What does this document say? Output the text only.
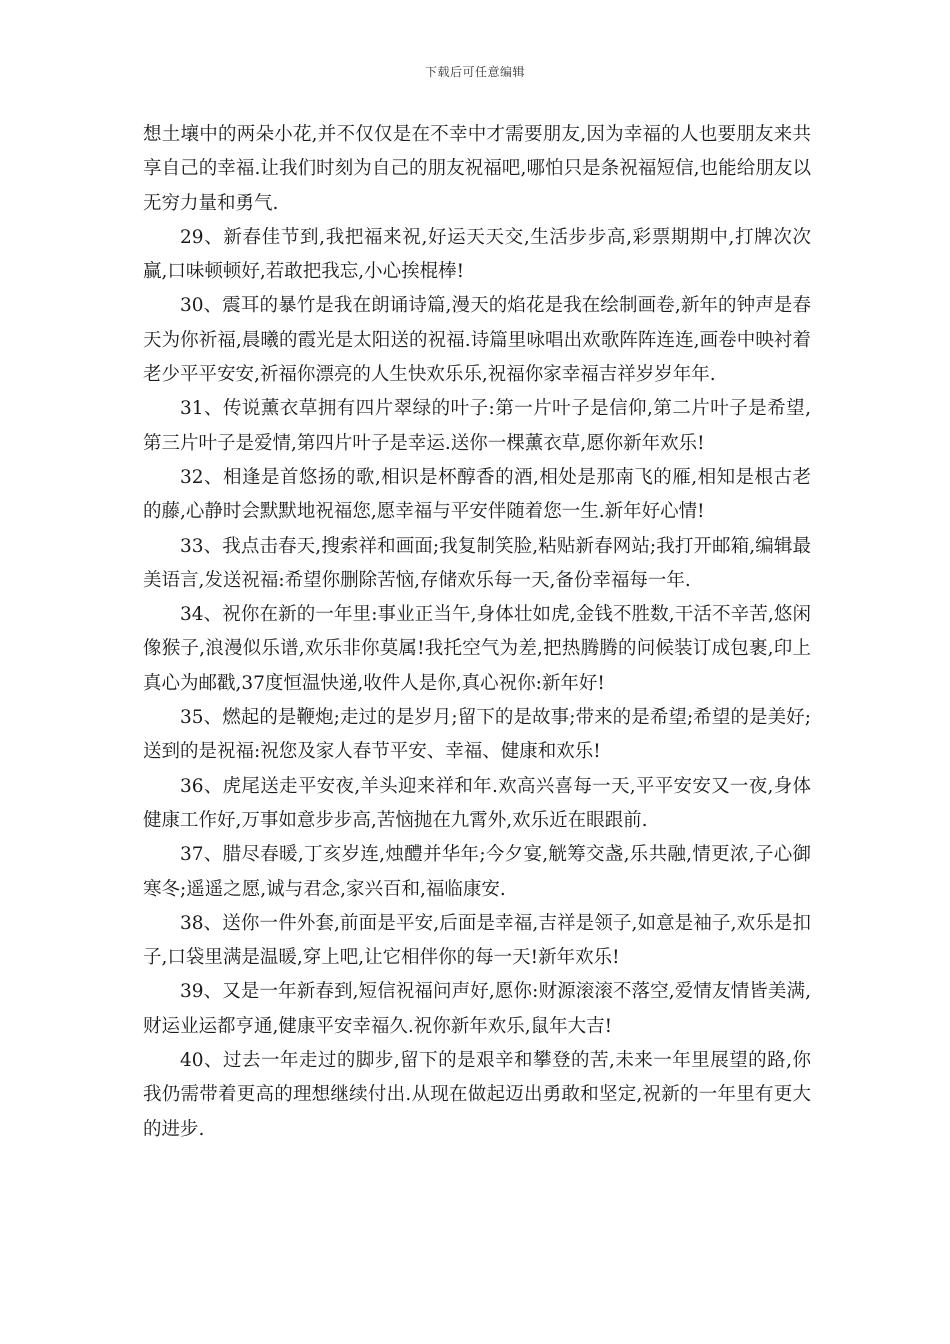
下载后可任意编辑

想土壤中的两朵小花,并不仅仅是在不幸中才需要朋友,因为幸福的人也要朋友来共享自己的幸福.让我们时刻为自己的朋友祝福吧,哪怕只是条祝福短信,也能给朋友以无穷力量和勇气.

29、新春佳节到,我把福来祝,好运天天交,生活步步高,彩票期期中,打牌次次赢,口味顿顿好,若敢把我忘,小心挨棍棒!

30、震耳的暴竹是我在朗诵诗篇,漫天的焰花是我在绘制画卷,新年的钟声是春天为你祈福,晨曦的霞光是太阳送的祝福.诗篇里咏唱出欢歌阵阵连连,画卷中映衬着老少平平安安,祈福你漂亮的人生快欢乐乐,祝福你家幸福吉祥岁岁年年.

31、传说薰衣草拥有四片翠绿的叶子:第一片叶子是信仰,第二片叶子是希望,第三片叶子是爱情,第四片叶子是幸运.送你一棵薰衣草,愿你新年欢乐!

32、相逢是首悠扬的歌,相识是杯醇香的酒,相处是那南飞的雁,相知是根古老的藤,心静时会默默地祝福您,愿幸福与平安伴随着您一生.新年好心情!

33、我点击春天,搜索祥和画面;我复制笑脸,粘贴新春网站;我打开邮箱,编辑最美语言,发送祝福:希望你删除苦恼,存储欢乐每一天,备份幸福每一年.

34、祝你在新的一年里:事业正当午,身体壮如虎,金钱不胜数,干活不辛苦,悠闲像猴子,浪漫似乐谱,欢乐非你莫属!我托空气为差,把热腾腾的问候装订成包裹,印上真心为邮戳,37度恒温快递,收件人是你,真心祝你:新年好!

35、燃起的是鞭炮;走过的是岁月;留下的是故事;带来的是希望;希望的是美好;送到的是祝福:祝您及家人春节平安、幸福、健康和欢乐!

36、虎尾送走平安夜,羊头迎来祥和年.欢高兴喜每一天,平平安安又一夜,身体健康工作好,万事如意步步高,苦恼抛在九霄外,欢乐近在眼跟前.

37、腊尽春暖,丁亥岁连,烛醴并华年;今夕宴,觥筹交盏,乐共融,情更浓,子心御寒冬;遥遥之愿,诚与君念,家兴百和,福临康安.

38、送你一件外套,前面是平安,后面是幸福,吉祥是领子,如意是袖子,欢乐是扣子,口袋里满是温暖,穿上吧,让它相伴你的每一天!新年欢乐!

39、又是一年新春到,短信祝福问声好,愿你:财源滚滚不落空,爱情友情皆美满,财运业运都亨通,健康平安幸福久.祝你新年欢乐,鼠年大吉!

40、过去一年走过的脚步,留下的是艰辛和攀登的苦,未来一年里展望的路,你我仍需带着更高的理想继续付出.从现在做起迈出勇敢和坚定,祝新的一年里有更大的进步.
